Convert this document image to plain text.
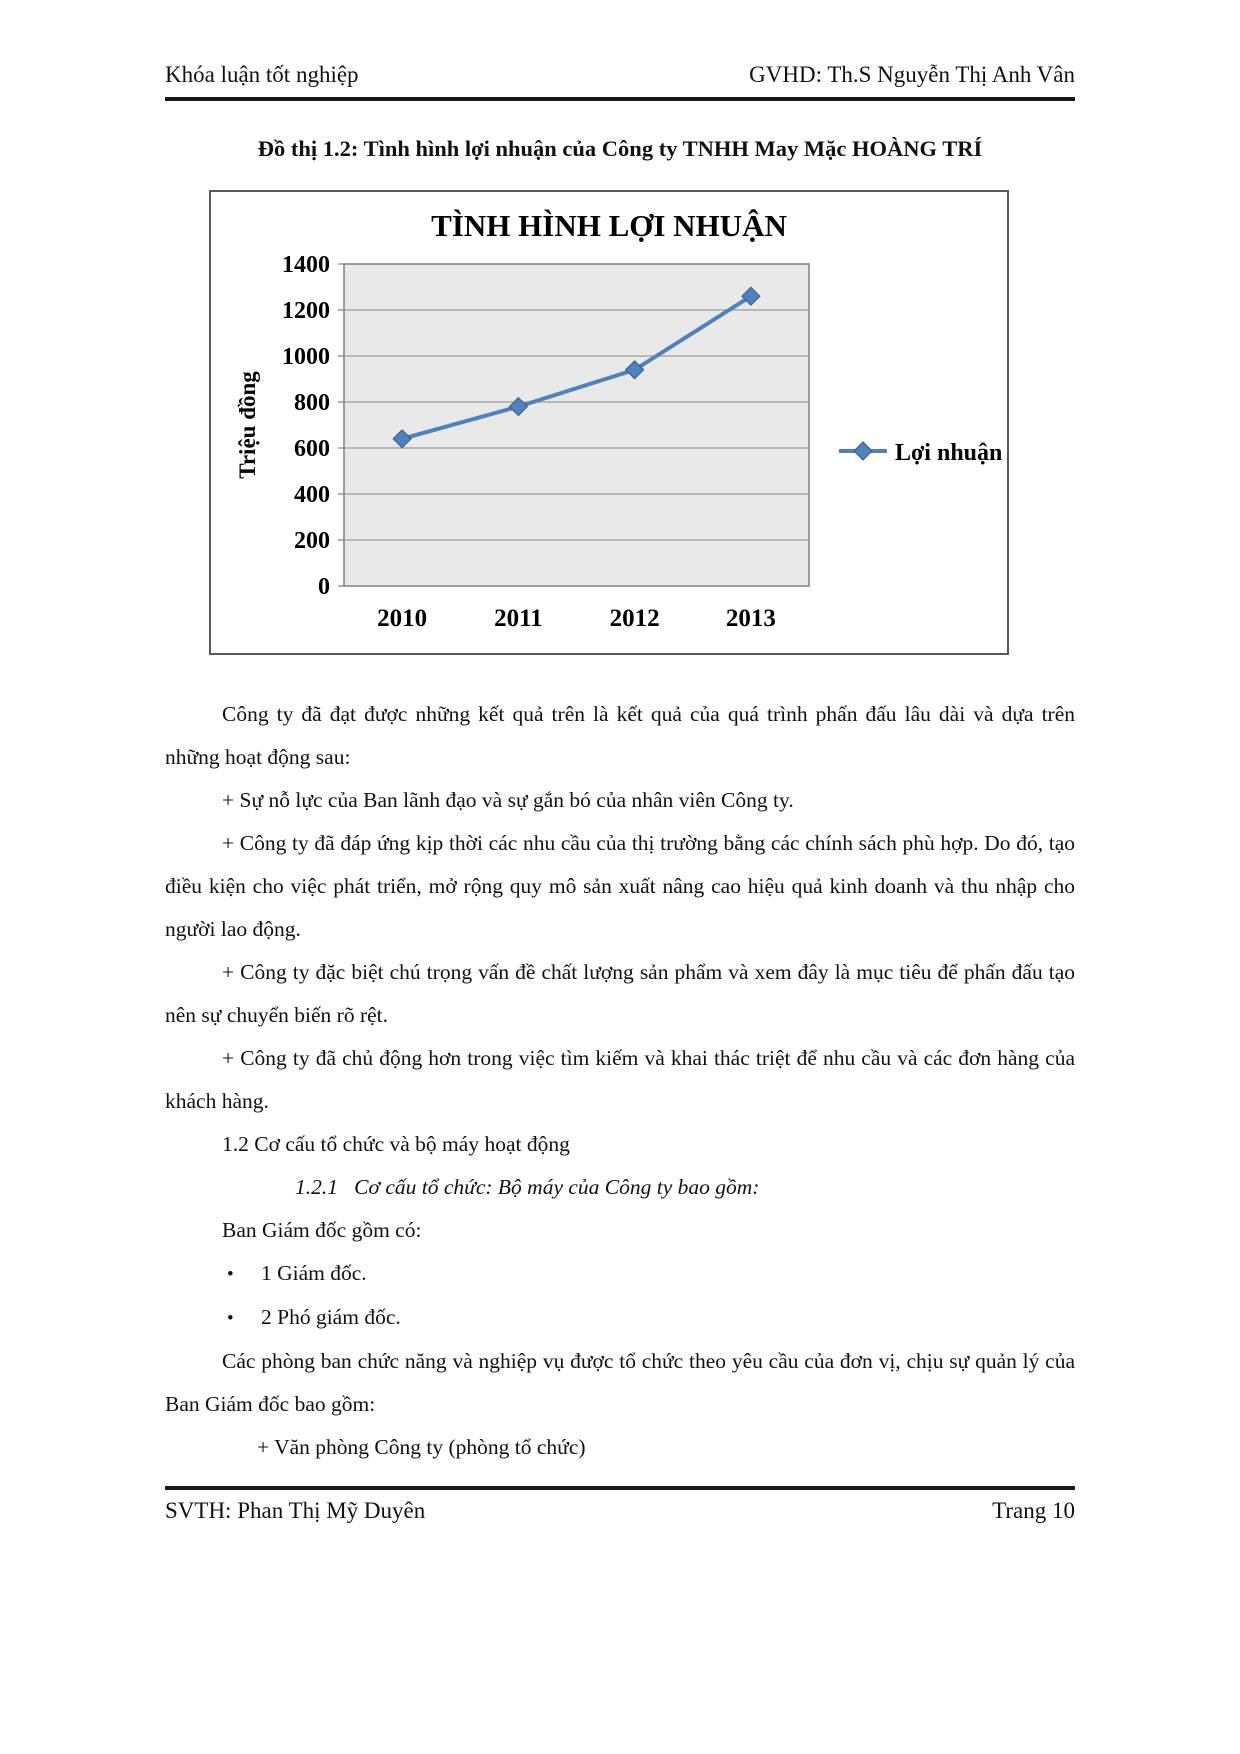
Khóa luận tốt nghiệp	GVHD: Th.S Nguyễn Thị Anh Vân
Đồ thị 1.2: Tình hình lợi nhuận của Công ty TNHH May Mặc HOÀNG TRÍ
0
200
400
600
800
1000
1200
1400
TÌNH HÌNH LỢI NHUẬN
Triệu đồng
2010	2011	2012	2013
Lợi nhuận

Công ty đã đạt được những kết quả trên là kết quả của quá trình phấn đấu lâu dài và dựa trên những hoạt động sau:

+ Sự nỗ lực của Ban lãnh đạo và sự gắn bó của nhân viên Công ty.

+ Công ty đã đáp ứng kịp thời các nhu cầu của thị trường bằng các chính sách phù hợp. Do đó, tạo điều kiện cho việc phát triển, mở rộng quy mô sản xuất nâng cao hiệu quả kinh doanh và thu nhập cho người lao động.

+ Công ty đặc biệt chú trọng vấn đề chất lượng sản phẩm và xem đây là mục tiêu để phấn đấu tạo nên sự chuyển biến rõ rệt.

+ Công ty đã chủ động hơn trong việc tìm kiếm và khai thác triệt để nhu cầu và các đơn hàng của khách hàng.

1.2 Cơ cấu tổ chức và bộ máy hoạt động

1.2.1   Cơ cấu tổ chức: Bộ máy của Công ty bao gồm:

Ban Giám đốc gồm có:

• 1 Giám đốc.

• 2 Phó giám đốc.

Các phòng ban chức năng và nghiệp vụ được tổ chức theo yêu cầu của đơn vị, chịu sự quản lý của Ban Giám đốc bao gồm:

+ Văn phòng Công ty (phòng tổ chức)

SVTH: Phan Thị Mỹ Duyên	Trang 10
